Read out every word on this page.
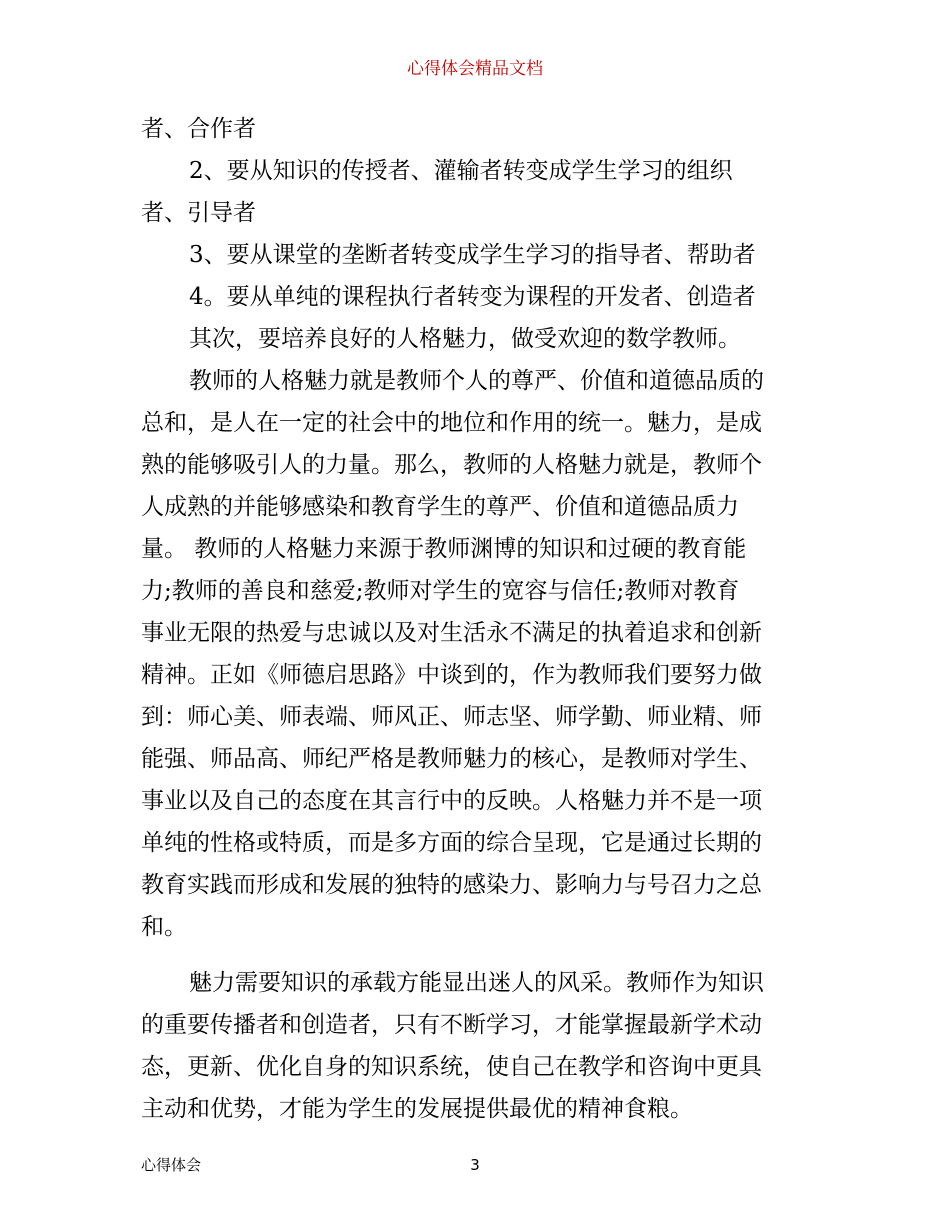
心得体会精品文档
者、合作者
2、要从知识的传授者、灌输者转变成学生学习的组织
者、引导者
3、要从课堂的垄断者转变成学生学习的指导者、帮助者
4。要从单纯的课程执行者转变为课程的开发者、创造者
其次，要培养良好的人格魅力，做受欢迎的数学教师。
教师的人格魅力就是教师个人的尊严、价值和道德品质的
总和，是人在一定的社会中的地位和作用的统一。魅力，是成
熟的能够吸引人的力量。那么，教师的人格魅力就是，教师个
人成熟的并能够感染和教育学生的尊严、价值和道德品质力
量。 教师的人格魅力来源于教师渊博的知识和过硬的教育能
力;教师的善良和慈爱;教师对学生的宽容与信任;教师对教育
事业无限的热爱与忠诚以及对生活永不满足的执着追求和创新
精神。正如《师德启思路》中谈到的，作为教师我们要努力做
到：师心美、师表端、师风正、师志坚、师学勤、师业精、师
能强、师品高、师纪严格是教师魅力的核心，是教师对学生、
事业以及自己的态度在其言行中的反映。人格魅力并不是一项
单纯的性格或特质，而是多方面的综合呈现，它是通过长期的
教育实践而形成和发展的独特的感染力、影响力与号召力之总
和。
魅力需要知识的承载方能显出迷人的风采。教师作为知识
的重要传播者和创造者，只有不断学习，才能掌握最新学术动
态，更新、优化自身的知识系统，使自己在教学和咨询中更具
主动和优势，才能为学生的发展提供最优的精神食粮。
心得体会	3
